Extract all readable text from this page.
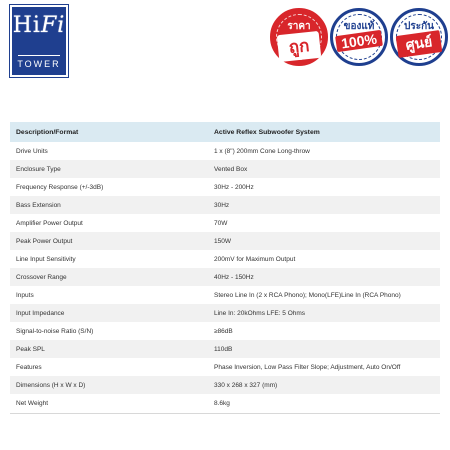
HiFi
TOWER
ราคา
ถูก
ของแท้
100%
ประกัน
ศูนย์
Description/Format	Active Reflex Subwoofer System
Drive Units	1 x (8") 200mm Cone Long-throw
Enclosure Type	Vented Box
Frequency Response (+/-3dB)	30Hz - 200Hz
Bass Extension	30Hz
Amplifier Power Output	70W
Peak Power Output	150W
Line Input Sensitivity	200mV for Maximum Output
Crossover Range	40Hz - 150Hz
Inputs	Stereo Line In (2 x RCA Phono); Mono(LFE)Line In (RCA Phono)
Input Impedance	Line In: 20kOhms LFE: 5 Ohms
Signal-to-noise Ratio (S/N)	≥86dB
Peak SPL	110dB
Features	Phase Inversion, Low Pass Filter Slope; Adjustment, Auto On/Off
Dimensions (H x W x D)	330 x 268 x 327 (mm)
Net Weight	8.6kg
